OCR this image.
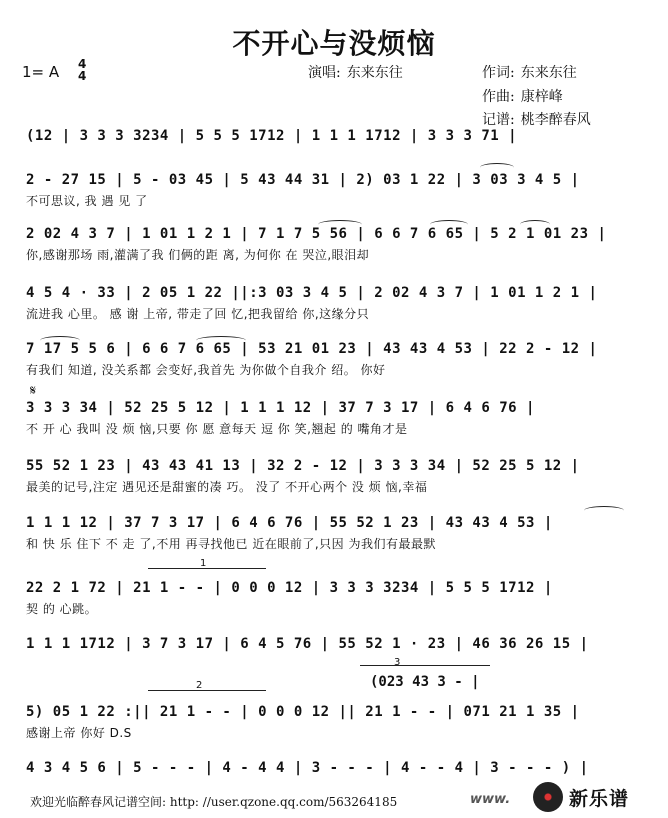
不开心与没烦恼
1= A 4
4	演唱: 东来东往	作词: 东来东往
作曲: 康梓峰
记谱: 桃李醉春风
(12 | 3 3 3 3234 | 5 5 5 1712 | 1 1 1 1712 | 3 3 3 71 |
2 - 27 15 | 5 - 03 45 | 5 43 44 31 | 2) 03 1 22 | 3 03 3 4 5 |
不可思议, 我 遇 见 了
2 02 4 3 7 | 1 01 1 2 1 | 7 1 7 5 56 | 6 6 7 6 65 | 5 2 1 01 23 |
你,感谢那场 雨,灌满了我 们俩的距 离, 为何你 在 哭泣,眼泪却
4 5 4 · 33 | 2 05 1 22 ||:3 03 3 4 5 | 2 02 4 3 7 | 1 01 1 2 1 |
流进我 心里。 感 谢 上帝, 带走了回 忆,把我留给 你,这缘分只
7 17 5 5 6 | 6 6 7 6 65 | 53 21 01 23 | 43 43 4 53 | 22 2 - 12 |
有我们 知道, 没关系都 会变好,我首先 为你做个自我介 绍。 你好
𝄋
3 3 3 34 | 52 25 5 12 | 1 1 1 12 | 37 7 3 17 | 6 4 6 76 |
不 开 心 我叫 没 烦 恼,只要 你 愿 意每天 逗 你 笑,翘起 的 嘴角才是
55 52 1 23 | 43 43 41 13 | 32 2 - 12 | 3 3 3 34 | 52 25 5 12 |
最美的记号,注定 遇见还是甜蜜的凑 巧。 没了 不开心两个 没 烦 恼,幸福
1 1 1 12 | 37 7 3 17 | 6 4 6 76 | 55 52 1 23 | 43 43 4 53 |
和 快 乐 住下 不 走 了,不用 再寻找他已 近在眼前了,只因 为我们有最最默
1
22 2 1 72 | 21 1 - - | 0 0 0 12 | 3 3 3 3234 | 5 5 5 1712 |
契 的 心跳。
1 1 1 1712 | 3 7 3 17 | 6 4 5 76 | 55 52 1 · 23 | 46 36 26 15 |
3
(023 43 3 - |
2
5) 05 1 22 :|| 21 1 - - | 0 0 0 12 || 21 1 - - | 071 21 1 35 |
感谢上帝 你好 D.S
4 3 4 5 6 | 5 - - - | 4 - 4 4 | 3 - - - | 4 - - 4 | 3 - - - ) |
www.
欢迎光临醉春风记谱空间: http: //user.qzone.qq.com/563264185	新乐谱
